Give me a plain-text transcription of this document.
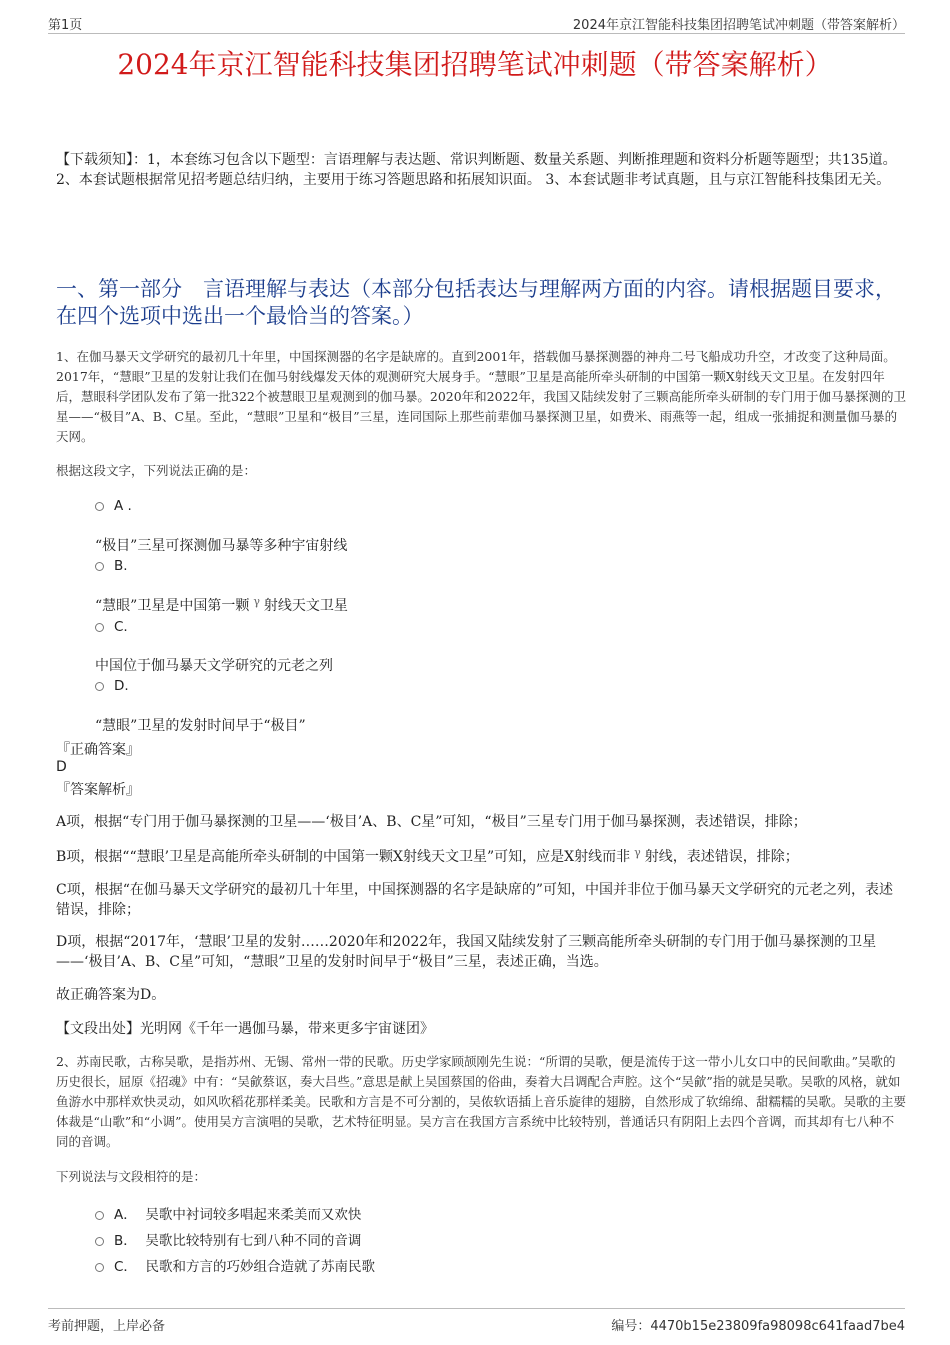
第1页	2024年京江智能科技集团招聘笔试冲刺题（带答案解析）
2024年京江智能科技集团招聘笔试冲刺题（带答案解析）
【下载须知】：1，本套练习包含以下题型：言语理解与表达题、常识判断题、数量关系题、判断推理题和资料分析题等题型；共135道。 2、本套试题根据常见招考题总结归纳，主要用于练习答题思路和拓展知识面。 3、本套试题非考试真题，且与京江智能科技集团无关。
一、第一部分　言语理解与表达（本部分包括表达与理解两方面的内容。请根据题目要求，在四个选项中选出一个最恰当的答案。）
1、在伽马暴天文学研究的最初几十年里，中国探测器的名字是缺席的。直到2001年，搭载伽马暴探测器的神舟二号飞船成功升空，才改变了这种局面。2017年，“慧眼”卫星的发射让我们在伽马射线爆发天体的观测研究大展身手。“慧眼”卫星是高能所牵头研制的中国第一颗X射线天文卫星。在发射四年后，慧眼科学团队发布了第一批322个被慧眼卫星观测到的伽马暴。2020年和2022年，我国又陆续发射了三颗高能所牵头研制的专门用于伽马暴探测的卫星——“极目”A、B、C星。至此，“慧眼”卫星和“极目”三星，连同国际上那些前辈伽马暴探测卫星，如费米、雨燕等一起，组成一张捕捉和测量伽马暴的天网。
根据这段文字，下列说法正确的是：
A .
“极目”三星可探测伽马暴等多种宇宙射线
B.
“慧眼”卫星是中国第一颗 $^\gamma$ 射线天文卫星
C.
中国位于伽马暴天文学研究的元老之列
D.
“慧眼”卫星的发射时间早于“极目”
『正确答案』
D
『答案解析』
A项，根据“专门用于伽马暴探测的卫星——‘极目’A、B、C星”可知，“极目”三星专门用于伽马暴探测，表述错误，排除；
B项，根据““慧眼’卫星是高能所牵头研制的中国第一颗X射线天文卫星”可知，应是X射线而非 $^\gamma$ 射线，表述错误，排除；
C项，根据“在伽马暴天文学研究的最初几十年里，中国探测器的名字是缺席的”可知，中国并非位于伽马暴天文学研究的元老之列，表述错误，排除；
D项，根据“2017年，‘慧眼’卫星的发射……2020年和2022年，我国又陆续发射了三颗高能所牵头研制的专门用于伽马暴探测的卫星——‘极目’A、B、C星”可知，“慧眼”卫星的发射时间早于“极目”三星，表述正确，当选。
故正确答案为D。
【文段出处】光明网《千年一遇伽马暴，带来更多宇宙谜团》
2、苏南民歌，古称吴歌，是指苏州、无锡、常州一带的民歌。历史学家顾颉刚先生说：“所谓的吴歌，便是流传于这一带小儿女口中的民间歌曲。”吴歌的历史很长，屈原《招魂》中有：“吴歈蔡讴，奏大吕些。”意思是献上吴国蔡国的俗曲，奏着大吕调配合声腔。这个“吴歈”指的就是吴歌。吴歌的风格，就如鱼游水中那样欢快灵动，如风吹稻花那样柔美。民歌和方言是不可分割的，吴侬软语插上音乐旋律的翅膀，自然形成了软绵绵、甜糯糯的吴歌。吴歌的主要体裁是“山歌”和“小调”。使用吴方言演唱的吴歌，艺术特征明显。吴方言在我国方言系统中比较特别，普通话只有阴阳上去四个音调，而其却有七八种不同的音调。
下列说法与文段相符的是：
A． 吴歌中衬词较多唱起来柔美而又欢快
B． 吴歌比较特别有七到八种不同的音调
C． 民歌和方言的巧妙组合造就了苏南民歌
考前押题，上岸必备	编号：4470b15e23809fa98098c641faad7be4
